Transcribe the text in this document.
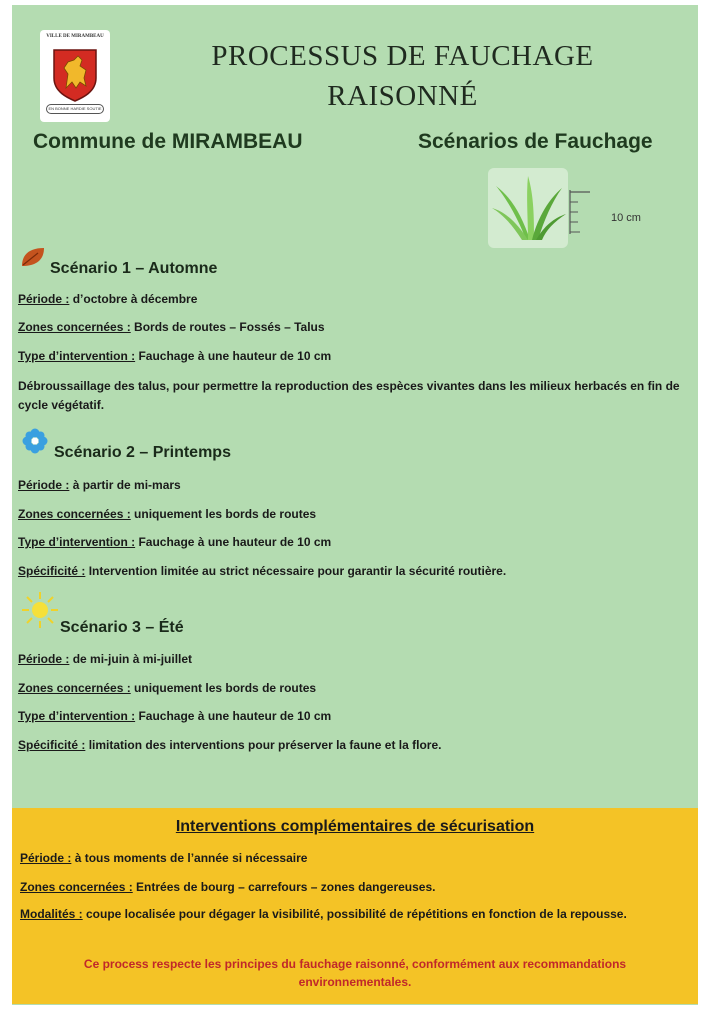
VILLE DE MIRAMBEAU
EN BONNE HARDIE SOUTIE
PROCESSUS DE FAUCHAGE
RAISONNÉ
Commune de MIRAMBEAU	Scénarios de Fauchage
10 cm
Scénario 1 – Automne
Période : d’octobre à décembre
Zones concernées : Bords de routes – Fossés – Talus
Type d’intervention : Fauchage à une hauteur de 10 cm
Débroussaillage des talus, pour permettre la reproduction des espèces vivantes dans les milieux herbacés en fin de cycle végétatif.
Scénario 2 – Printemps
Période : à partir de mi-mars
Zones concernées : uniquement les bords de routes
Type d’intervention : Fauchage à une hauteur de 10 cm
Spécificité : Intervention limitée au strict nécessaire pour garantir la sécurité routière.
Scénario 3 – Été
Période : de mi-juin à mi-juillet
Zones concernées : uniquement les bords de routes
Type d’intervention : Fauchage à une hauteur de 10 cm
Spécificité : limitation des interventions pour préserver la faune et la flore.
Interventions complémentaires de sécurisation
Période : à tous moments de l’année si nécessaire
Zones concernées : Entrées de bourg – carrefours – zones dangereuses.
Modalités : coupe localisée pour dégager la visibilité, possibilité de répétitions en fonction de la repousse.
Ce process respecte les principes du fauchage raisonné, conformément aux recommandations environnementales.
